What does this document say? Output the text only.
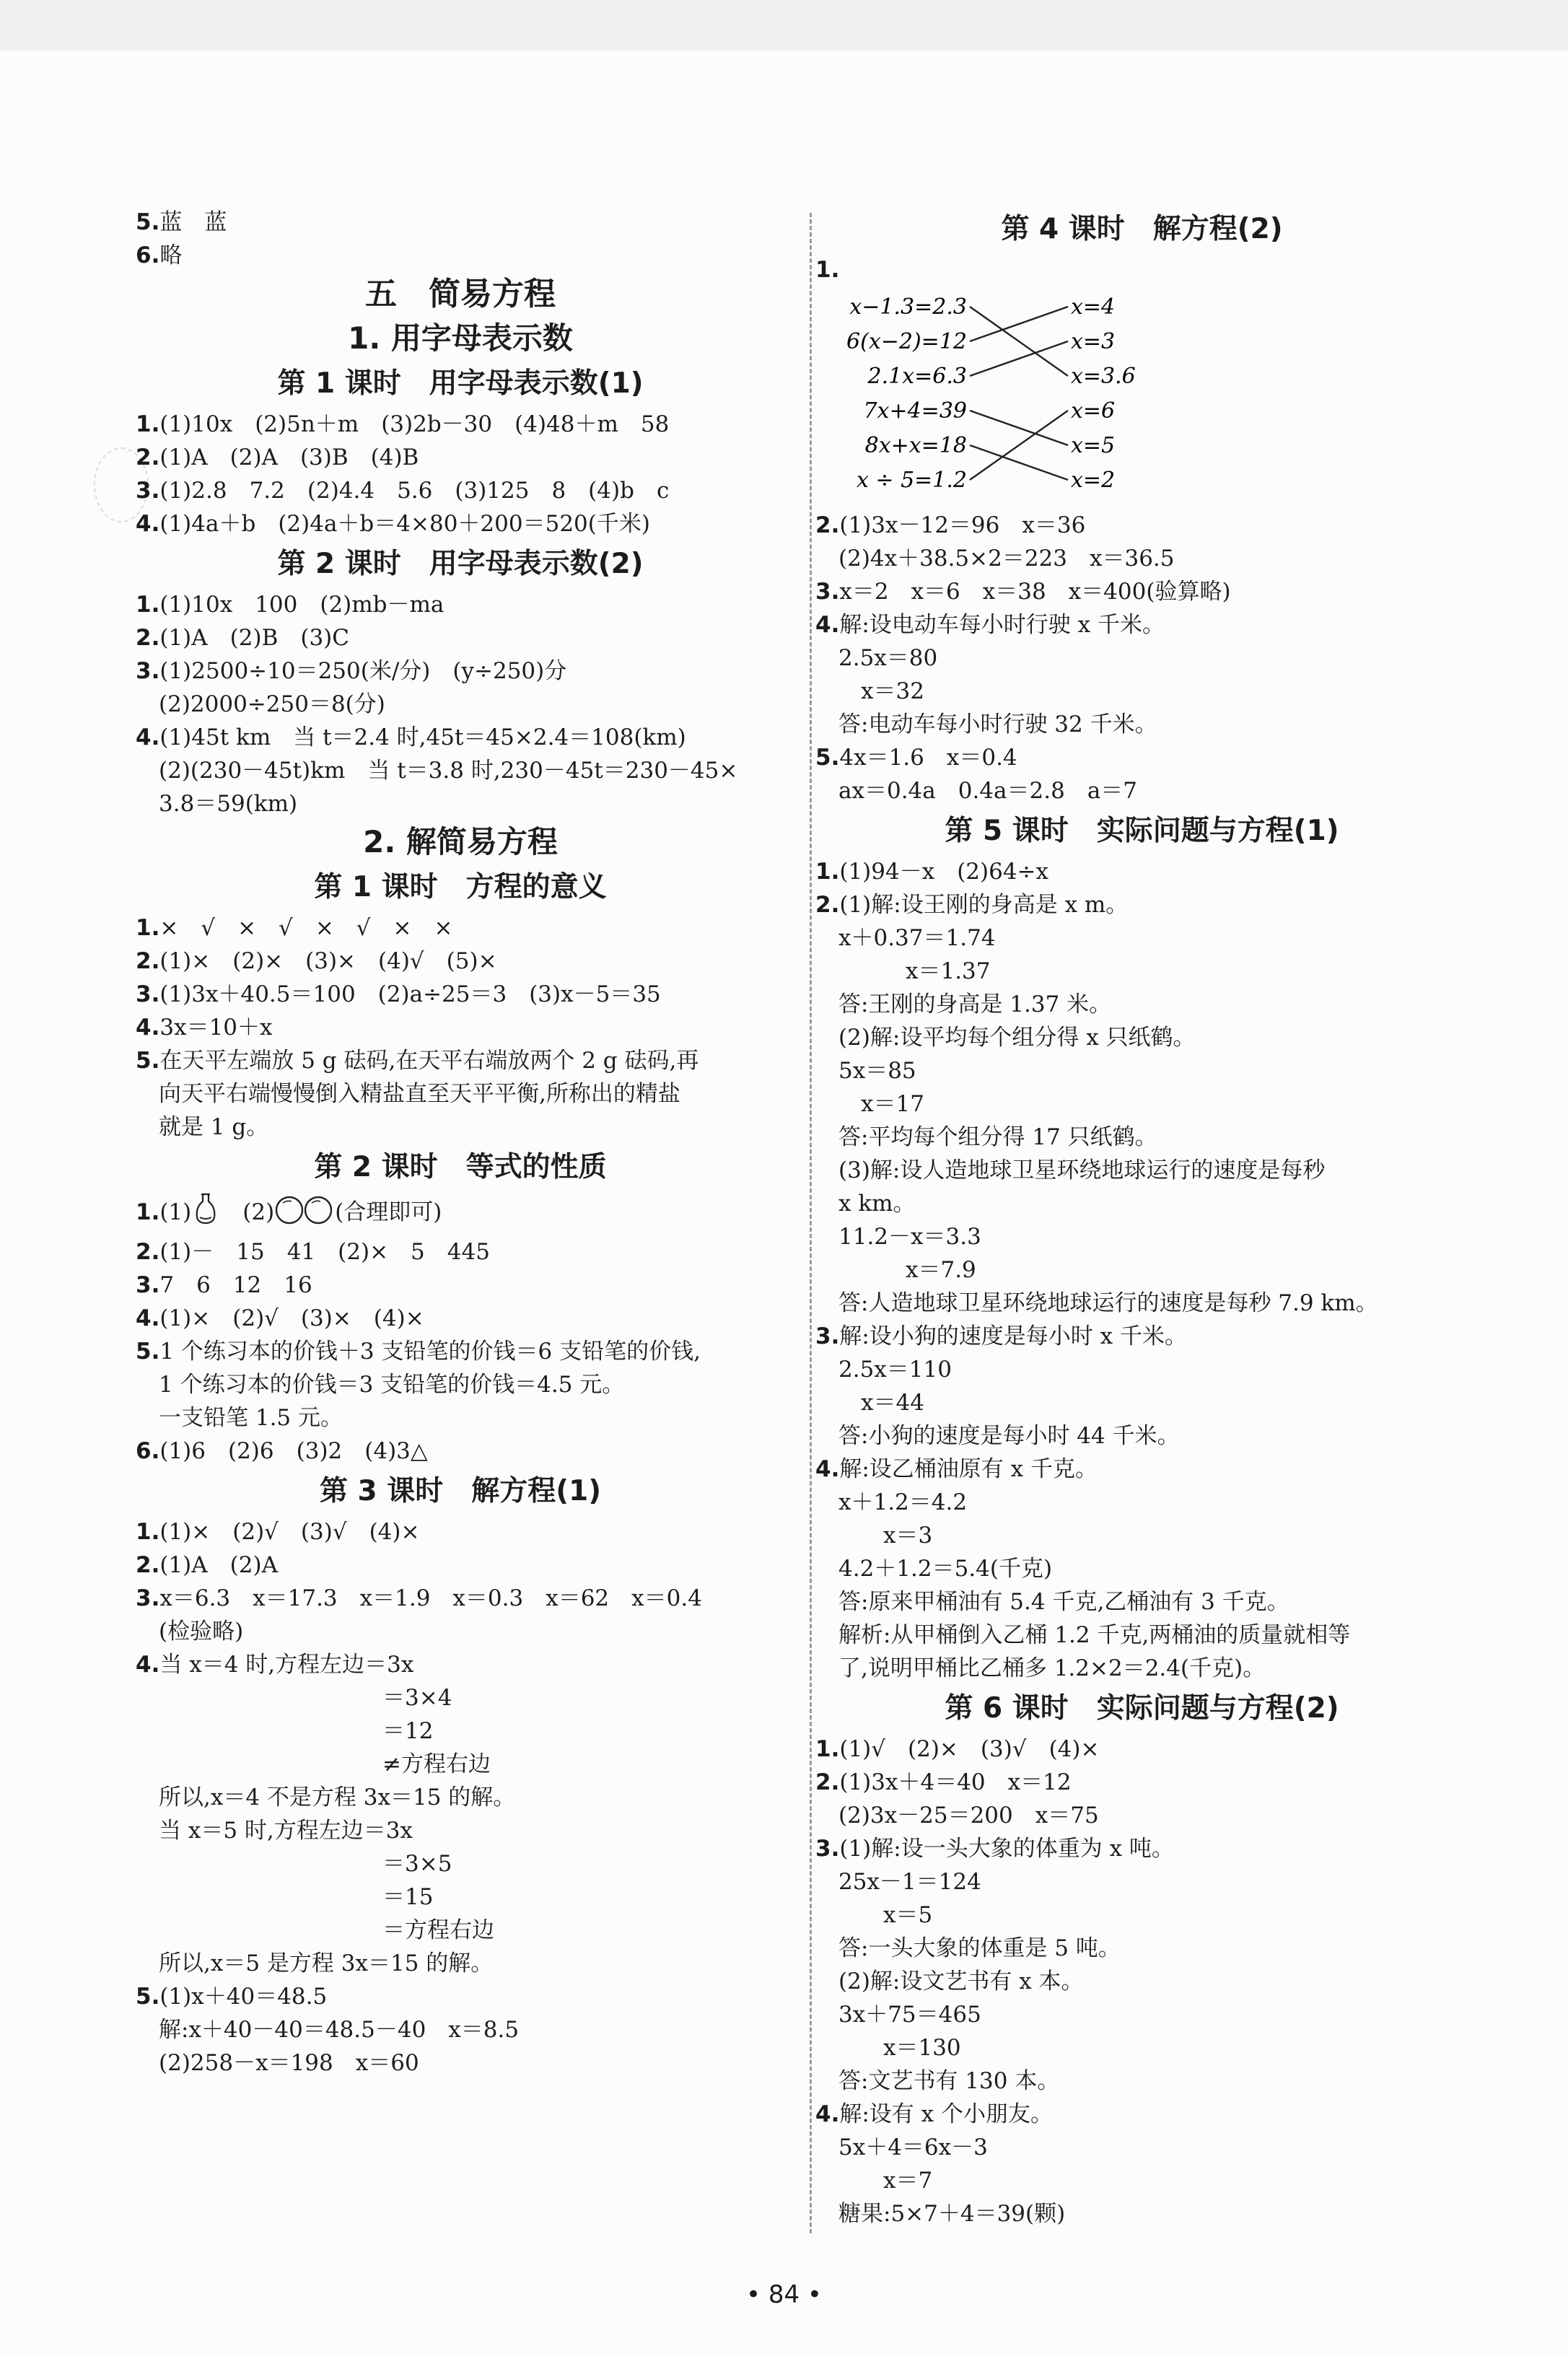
5.蓝　蓝
6.略
五　简易方程
1. 用字母表示数
第 1 课时　用字母表示数(1)
1.(1)10x　(2)5n＋m　(3)2b－30　(4)48＋m　58
2.(1)A　(2)A　(3)B　(4)B
3.(1)2.8　7.2　(2)4.4　5.6　(3)125　8　(4)b　c
4.(1)4a＋b　(2)4a＋b＝4×80＋200＝520(千米)
第 2 课时　用字母表示数(2)
1.(1)10x　100　(2)mb－ma
2.(1)A　(2)B　(3)C
3.(1)2500÷10＝250(米/分)　(y÷250)分
(2)2000÷250＝8(分)
4.(1)45t km　当 t＝2.4 时,45t＝45×2.4＝108(km)
(2)(230－45t)km　当 t＝3.8 时,230－45t＝230－45×
3.8＝59(km)
2. 解简易方程
第 1 课时　方程的意义
1.×　√　×　√　×　√　×　×
2.(1)×　(2)×　(3)×　(4)√　(5)×
3.(1)3x＋40.5＝100　(2)a÷25＝3　(3)x－5＝35
4.3x＝10＋x
5.在天平左端放 5 g 砝码,在天平右端放两个 2 g 砝码,再
向天平右端慢慢倒入精盐直至天平平衡,所称出的精盐
就是 1 g。
第 2 课时　等式的性质
1.(1)　 (2)	(合理即可)
2.(1)－　15　41　(2)×　5　445
3.7　6　12　16
4.(1)×　(2)√　(3)×　(4)×
5.1 个练习本的价钱＋3 支铅笔的价钱＝6 支铅笔的价钱,
1 个练习本的价钱＝3 支铅笔的价钱＝4.5 元。
一支铅笔 1.5 元。
6.(1)6　(2)6　(3)2　(4)3△
第 3 课时　解方程(1)
1.(1)×　(2)√　(3)√　(4)×
2.(1)A　(2)A
3.x＝6.3　x＝17.3　x＝1.9　x＝0.3　x＝62　x＝0.4
(检验略)
4.当 x＝4 时,方程左边＝3x
　　　　　　　　　　＝3×4
　　　　　　　　　　＝12
　　　　　　　　　　≠方程右边
所以,x＝4 不是方程 3x＝15 的解。
当 x＝5 时,方程左边＝3x
　　　　　　　　　　＝3×5
　　　　　　　　　　＝15
　　　　　　　　　　＝方程右边
所以,x＝5 是方程 3x＝15 的解。
5.(1)x＋40＝48.5
解:x＋40－40＝48.5－40　x＝8.5
(2)258－x＝198　x＝60
第 4 课时　解方程(2)
1.
x−1.3=2.3
6(x−2)=12
2.1x=6.3
7x+4=39
8x+x=18
x ÷ 5=1.2
x=4
x=3
x=3.6
x=6
x=5
x=2
2.(1)3x－12＝96　x＝36
(2)4x＋38.5×2＝223　x＝36.5
3.x＝2　x＝6　x＝38　x＝400(验算略)
4.解:设电动车每小时行驶 x 千米。
2.5x＝80
　x＝32
答:电动车每小时行驶 32 千米。
5.4x＝1.6　x＝0.4
ax＝0.4a　0.4a＝2.8　a＝7
第 5 课时　实际问题与方程(1)
1.(1)94－x　(2)64÷x
2.(1)解:设王刚的身高是 x m。
x＋0.37＝1.74
　　　x＝1.37
答:王刚的身高是 1.37 米。
(2)解:设平均每个组分得 x 只纸鹤。
5x＝85
　x＝17
答:平均每个组分得 17 只纸鹤。
(3)解:设人造地球卫星环绕地球运行的速度是每秒
x km。
11.2－x＝3.3
　　　x＝7.9
答:人造地球卫星环绕地球运行的速度是每秒 7.9 km。
3.解:设小狗的速度是每小时 x 千米。
2.5x＝110
　x＝44
答:小狗的速度是每小时 44 千米。
4.解:设乙桶油原有 x 千克。
x＋1.2＝4.2
　　x＝3
4.2＋1.2＝5.4(千克)
答:原来甲桶油有 5.4 千克,乙桶油有 3 千克。
解析:从甲桶倒入乙桶 1.2 千克,两桶油的质量就相等
了,说明甲桶比乙桶多 1.2×2＝2.4(千克)。
第 6 课时　实际问题与方程(2)
1.(1)√　(2)×　(3)√　(4)×
2.(1)3x＋4＝40　x＝12
(2)3x－25＝200　x＝75
3.(1)解:设一头大象的体重为 x 吨。
25x－1＝124
　　x＝5
答:一头大象的体重是 5 吨。
(2)解:设文艺书有 x 本。
3x＋75＝465
　　x＝130
答:文艺书有 130 本。
4.解:设有 x 个小朋友。
5x＋4＝6x－3
　　x＝7
糖果:5×7＋4＝39(颗)
• 84 •
